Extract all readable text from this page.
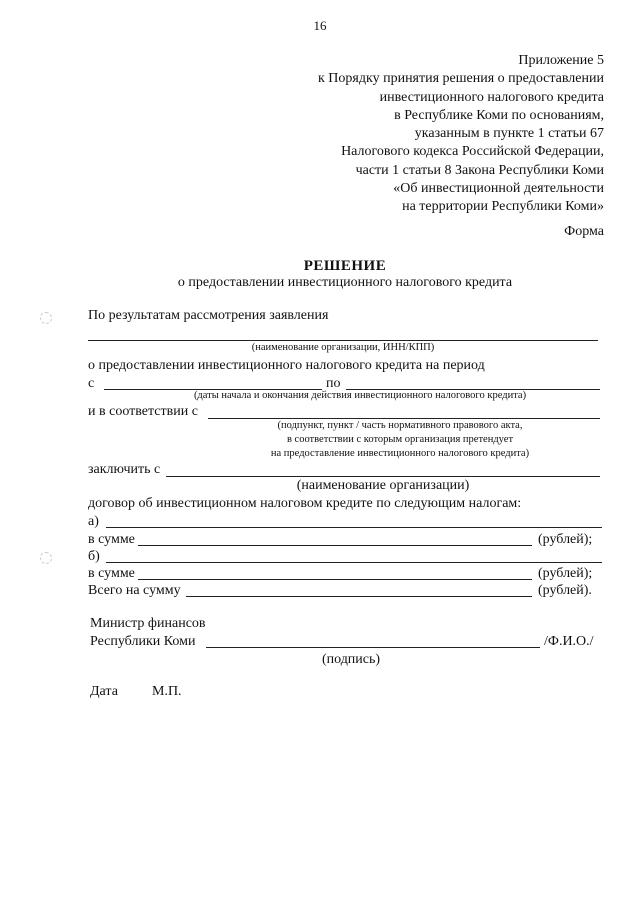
16
Приложение 5
к Порядку принятия решения о предоставлении
инвестиционного налогового кредита
в Республике Коми по основаниям,
указанным в пункте 1 статьи 67
Налогового кодекса Российской Федерации,
части 1 статьи 8 Закона Республики Коми
«Об инвестиционной деятельности
на территории Республики Коми»
Форма
РЕШЕНИЕ
о предоставлении инвестиционного налогового кредита
По результатам рассмотрения заявления
(наименование организации, ИНН/КПП)
о предоставлении инвестиционного налогового кредита на период
с	по
(даты начала и окончания действия инвестиционного налогового кредита)
и в соответствии с
(подпункт, пункт / часть нормативного правового акта,
в соответствии с которым организация претендует
на предоставление инвестиционного налогового кредита)
заключить с
(наименование организации)
договор об инвестиционном налоговом кредите по следующим налогам:
а)
в сумме	(рублей);
б)
в сумме	(рублей);
Всего на сумму	(рублей).
Министр финансов
Республики Коми	/Ф.И.О./
(подпись)
Дата М.П.
